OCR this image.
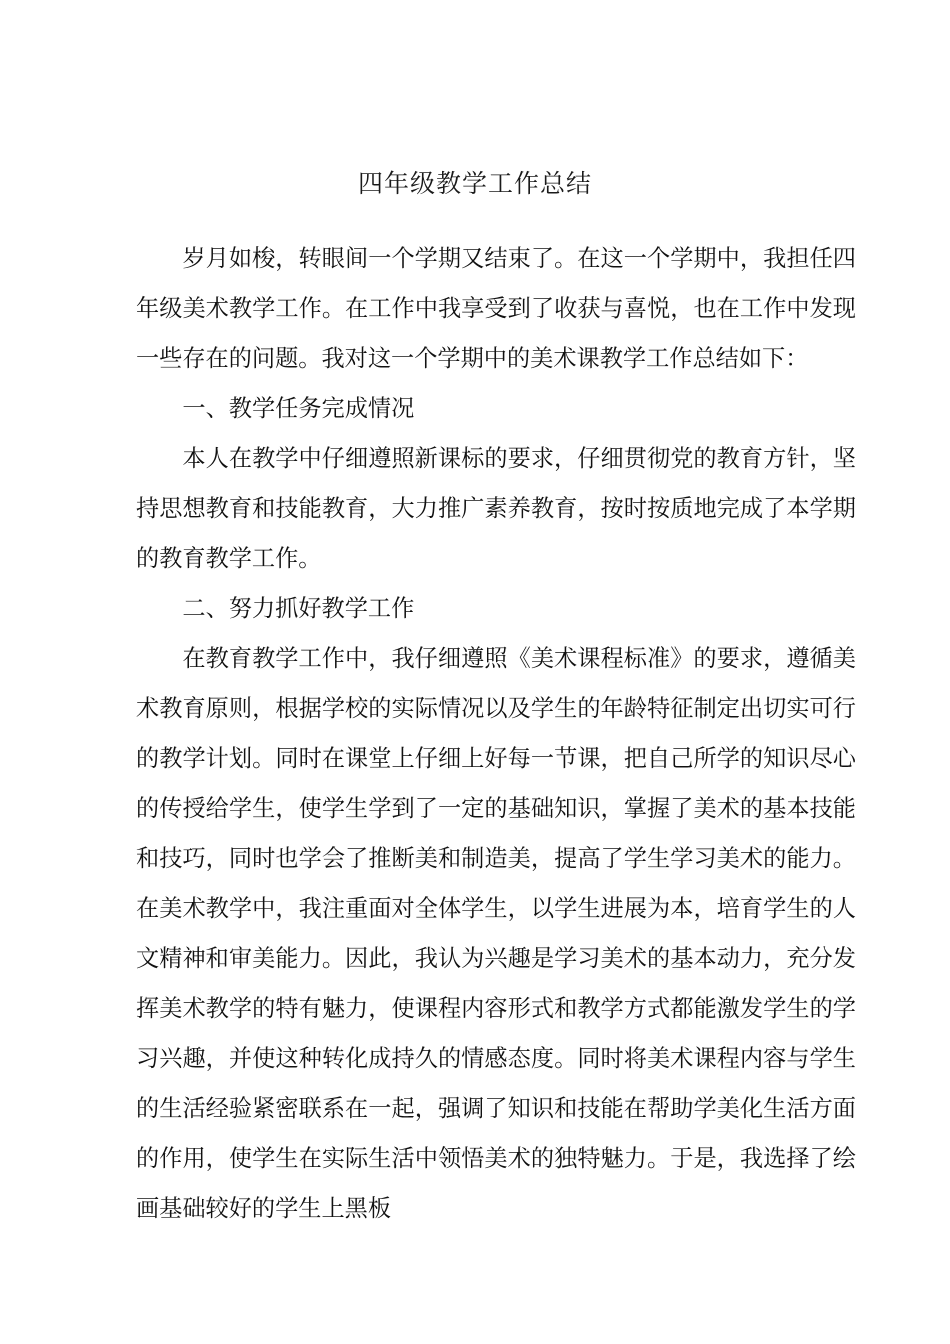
四年级教学工作总结

岁月如梭，转眼间一个学期又结束了。在这一个学期中，我担任四年级美术教学工作。在工作中我享受到了收获与喜悦，也在工作中发现一些存在的问题。我对这一个学期中的美术课教学工作总结如下：

一、教学任务完成情况

本人在教学中仔细遵照新课标的要求，仔细贯彻党的教育方针，坚持思想教育和技能教育，大力推广素养教育，按时按质地完成了本学期的教育教学工作。

二、努力抓好教学工作

在教育教学工作中，我仔细遵照《美术课程标准》的要求，遵循美术教育原则，根据学校的实际情况以及学生的年龄特征制定出切实可行的教学计划。同时在课堂上仔细上好每一节课，把自己所学的知识尽心的传授给学生，使学生学到了一定的基础知识，掌握了美术的基本技能和技巧，同时也学会了推断美和制造美，提高了学生学习美术的能力。在美术教学中，我注重面对全体学生，以学生进展为本，培育学生的人文精神和审美能力。因此，我认为兴趣是学习美术的基本动力，充分发挥美术教学的特有魅力，使课程内容形式和教学方式都能激发学生的学习兴趣，并使这种转化成持久的情感态度。同时将美术课程内容与学生的生活经验紧密联系在一起，强调了知识和技能在帮助学美化生活方面的作用，使学生在实际生活中领悟美术的独特魅力。于是，我选择了绘画基础较好的学生上黑板
